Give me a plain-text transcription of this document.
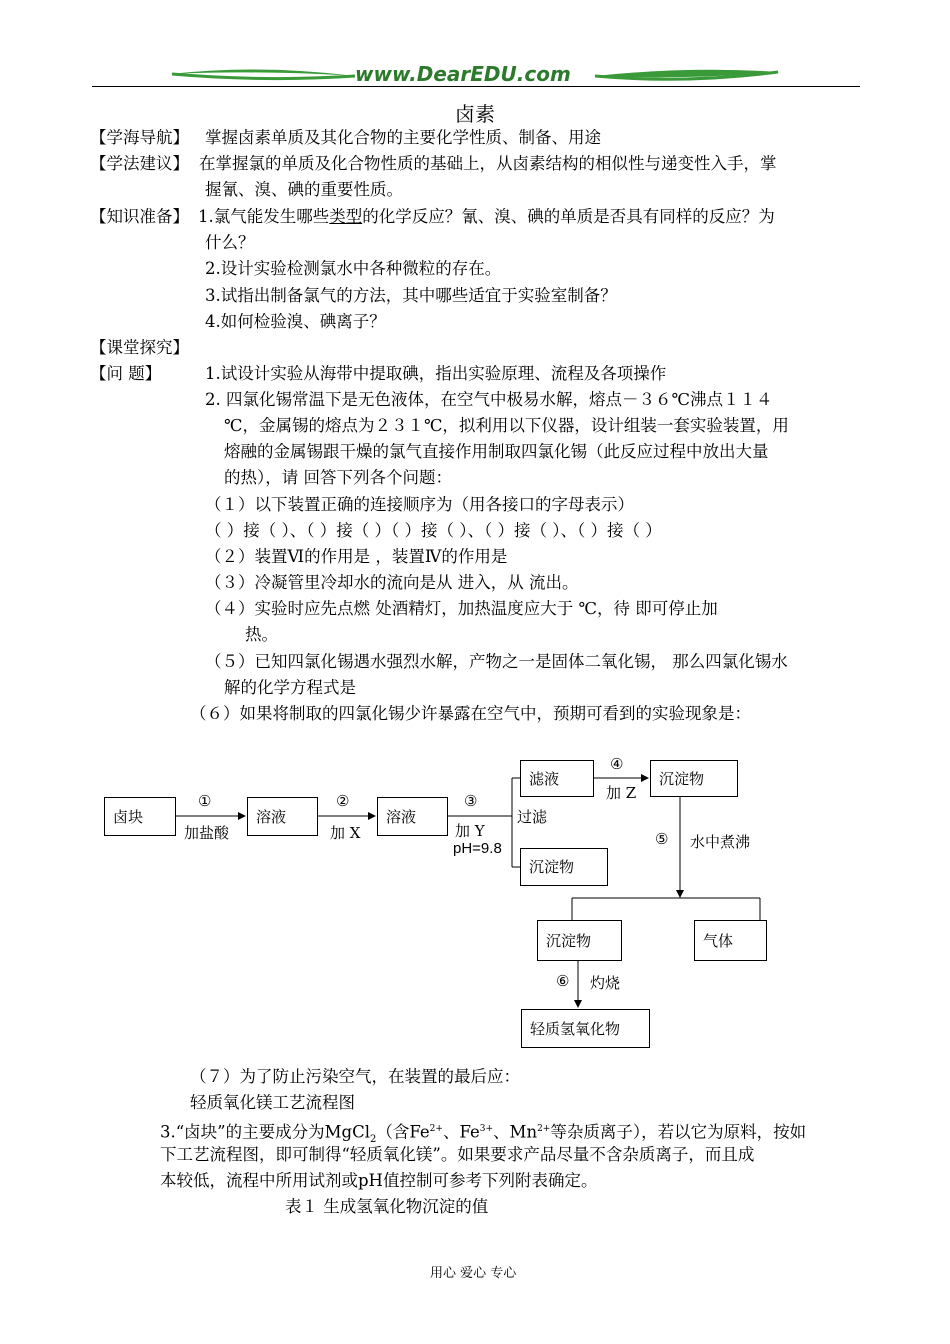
www.DearEDU.com
卤素
【学海导航】 掌握卤素单质及其化合物的主要化学性质、制备、用途
【学法建议】 在掌握氯的单质及化合物性质的基础上，从卤素结构的相似性与递变性入手，掌
握氰、溴、碘的重要性质。
【知识准备】 1.氯气能发生哪些类型的化学反应？氰、溴、碘的单质是否具有同样的反应？为
什么？
2.设计实验检测氯水中各种微粒的存在。
3.试指出制备氯气的方法，其中哪些适宜于实验室制备？
4.如何检验溴、碘离子？
【课堂探究】
【问 题】	1.试设计实验从海带中提取碘，指出实验原理、流程及各项操作
2. 四氯化锡常温下是无色液体，在空气中极易水解，熔点－３６℃沸点１１４
℃，金属锡的熔点为２３１℃，拟利用以下仪器，设计组装一套实验装置，用
熔融的金属锡跟干燥的氯气直接作用制取四氯化锡（此反应过程中放出大量
的热），请 回答下列各个问题：
（１）以下装置正确的连接顺序为（用各接口的字母表示）
（ ）接（ ）、（ ）接（ ）（ ）接（ ）、（ ）接（ ）、（ ）接（ ）
（２）装置Ⅵ的作用是 ，装置Ⅳ的作用是
（３）冷凝管里冷却水的流向是从 进入，从 流出。
（４）实验时应先点燃 处酒精灯，加热温度应大于 ℃，待 即可停止加
热。
（５）已知四氯化锡遇水强烈水解，产物之一是固体二氧化锡， 那么四氯化锡水
解的化学方程式是
（６）如果将制取的四氯化锡少许暴露在空气中，预期可看到的实验现象是：
卤块	溶液	溶液
滤液	沉淀物
沉淀物
沉淀物	气体
轻质氢氧化物
①
加盐酸
②
加 X
③
加 Y
pH=9.8
过滤
④
加 Z
⑤ 水中煮沸
⑥ 灼烧
（７）为了防止污染空气，在装置的最后应：
轻质氧化镁工艺流程图
3.“卤块”的主要成分为MgCl$_2$（含$Fe^{2+}$、$Fe^{3+}$、$Mn^{2+}$等杂质离子），若以它为原料，按如
下工艺流程图，即可制得“轻质氧化镁”。如果要求产品尽量不含杂质离子，而且成
本较低，流程中所用试剂或pH值控制可参考下列附表确定。
表１ 生成氢氧化物沉淀的值
用心 爱心 专心
